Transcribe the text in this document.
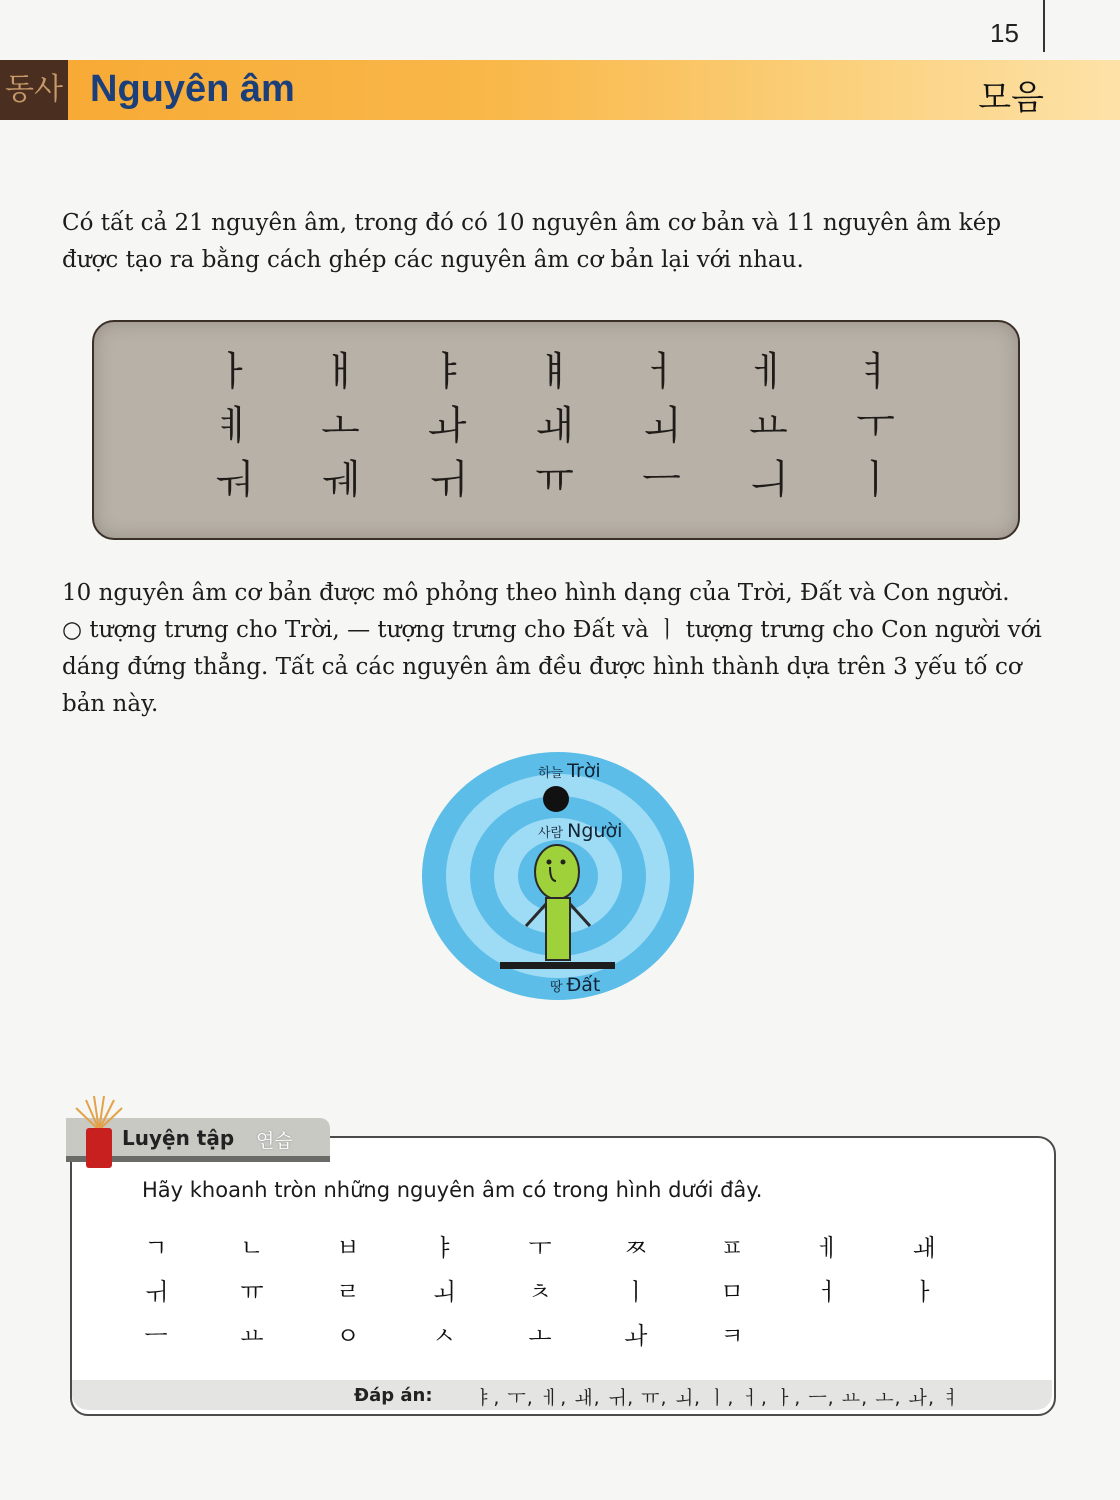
15
동사 Nguyên âm	모음

Có tất cả 21 nguyên âm, trong đó có 10 nguyên âm cơ bản và 11 nguyên âm kép được tạo ra bằng cách ghép các nguyên âm cơ bản lại với nhau.

ㅏ	ㅐ	ㅑ	ㅒ	ㅓ	ㅔ	ㅕ
ㅖ	ㅗ	ㅘ	ㅙ	ㅚ	ㅛ	ㅜ
ㅝ	ㅞ	ㅟ	ㅠ	ㅡ	ㅢ	ㅣ

10 nguyên âm cơ bản được mô phỏng theo hình dạng của Trời, Đất và Con người.
○ tượng trưng cho Trời, — tượng trưng cho Đất và ㅣ tượng trưng cho Con người với dáng đứng thẳng. Tất cả các nguyên âm đều được hình thành dựa trên 3 yếu tố cơ bản này.

하늘 Trời
사람 Người
땅 Đất
Luyện tập 연습
Hãy khoanh tròn những nguyên âm có trong hình dưới đây.
ㄱ	ㄴ	ㅂ	ㅑ	ㅜ	ㅉ	ㅍ	ㅔ	ㅙ
ㅟ	ㅠ	ㄹ	ㅚ	ㅊ	ㅣ	ㅁ	ㅓ	ㅏ
ㅡ	ㅛ	ㅇ	ㅅ	ㅗ	ㅘ	ㅋ
Đáp án: ㅑ, ㅜ, ㅔ, ㅙ, ㅟ, ㅠ, ㅚ, ㅣ, ㅓ, ㅏ, ㅡ, ㅛ, ㅗ, ㅘ, ㅕ
